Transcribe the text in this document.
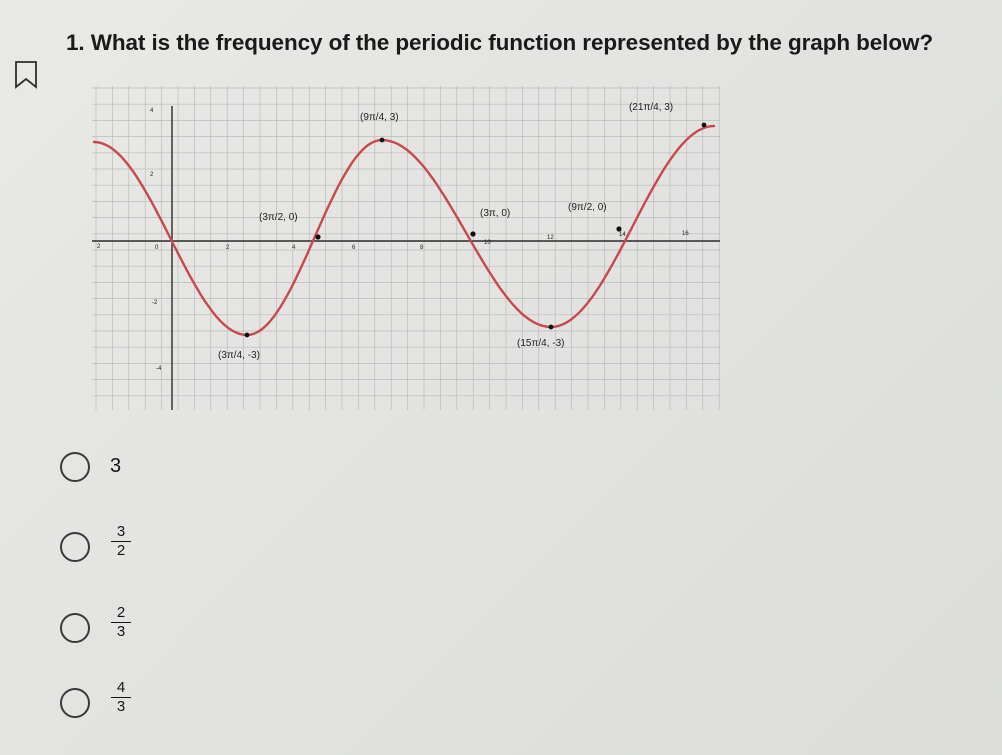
1. What is the frequency of the periodic function represented by the graph below?
0	2	4	6	8
10
12	14	16
4
2
2
-2
-4
(9π/4, 3)
(21π/4, 3)
(3π/2, 0)	(3π, 0)
(9π/2, 0)
(3π/4, -3)
(15π/4, -3)
3
$\frac{3}{2}$
$\frac{2}{3}$
$\frac{4}{3}$
